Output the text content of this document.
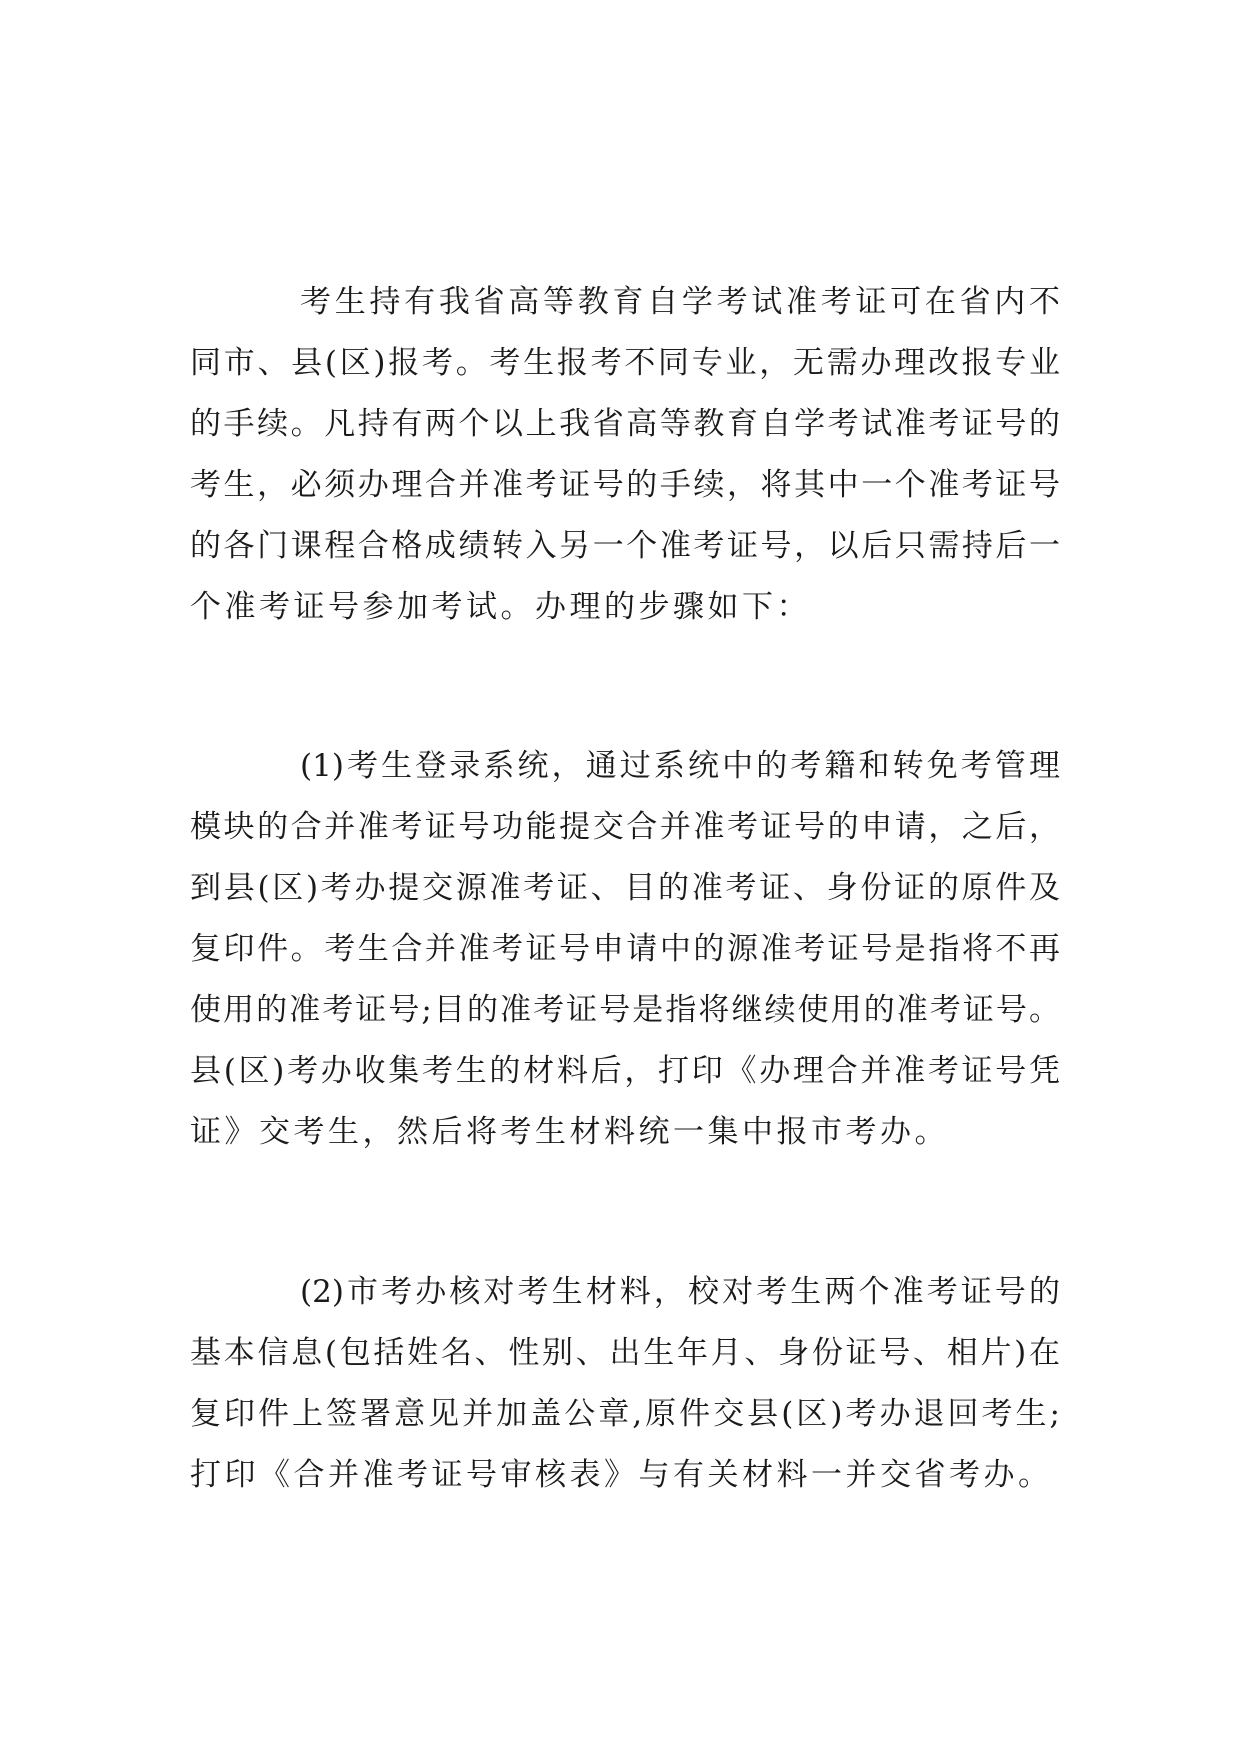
考生持有我省高等教育自学考试准考证可在省内不
同市、县(区)报考。考生报考不同专业，无需办理改报专业
的手续。凡持有两个以上我省高等教育自学考试准考证号的
考生，必须办理合并准考证号的手续，将其中一个准考证号
的各门课程合格成绩转入另一个准考证号，以后只需持后一
个准考证号参加考试。办理的步骤如下：
(1)考生登录系统，通过系统中的考籍和转免考管理
模块的合并准考证号功能提交合并准考证号的申请，之后，
到县(区)考办提交源准考证、目的准考证、身份证的原件及
复印件。考生合并准考证号申请中的源准考证号是指将不再
使用的准考证号;目的准考证号是指将继续使用的准考证号。
县(区)考办收集考生的材料后，打印《办理合并准考证号凭
证》交考生，然后将考生材料统一集中报市考办。
(2)市考办核对考生材料，校对考生两个准考证号的
基本信息(包括姓名、性别、出生年月、身份证号、相片)在
复印件上签署意见并加盖公章,原件交县(区)考办退回考生;
打印《合并准考证号审核表》与有关材料一并交省考办。
